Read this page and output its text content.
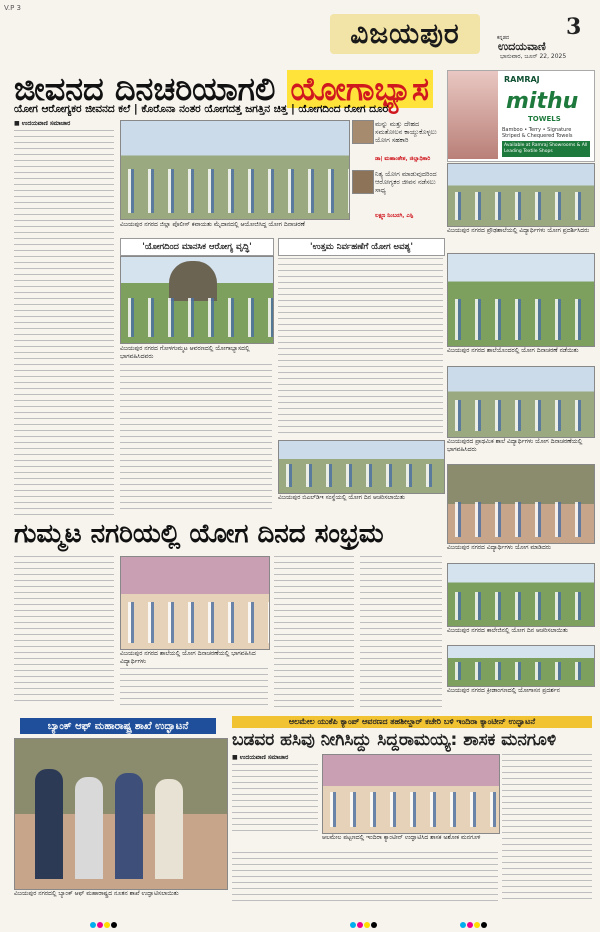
V.P 3
ವಿಜಯಪುರ	3
ಕನ್ನಡದ
ಉದಯವಾಣಿ
ಭಾನುವಾರ, ಜೂನ್ 22, 2025
ಜೀವನದ ದಿನಚರಿಯಾಗಲಿ ಯೋಗಾಭ್ಯಾಸ
ಯೋಗ ಆರೋಗ್ಯಕರ ಜೀವನದ ಕಲೆ | ಕೊರೊನಾ ನಂತರ ಯೋಗದತ್ತ ಜಗತ್ತಿನ ಚಿತ್ತ | ಯೋಗದಿಂದ ರೋಗ ದೂರ
RAMRAJ
mithu
TOWELS
Bamboo • Terry • Signature Striped & Chequered Towels
Available at Ramraj Showrooms & All Leading Textile Shops
■ ಉದಯವಾಣಿ ಸಮಾಚಾರ
ವಿಜಯಪುರ ನಗರದ ಜಿಲ್ಲಾ ಪೊಲೀಸ್ ಕವಾಯತು ಮೈದಾನದಲ್ಲಿ ಆಯೋಜಿಸಿದ್ದ ಯೋಗ ದಿನಾಚರಣೆ
ಮನ್ನು ಮತ್ತು ದೇಹದ ಸಮತೋಲನ ಕಾಯ್ದುಕೊಳ್ಳಲು ಯೋಗ ಸಹಕಾರಿ
ಡಾ| ಮಹಾಂತೇಶ, ಜಿಲ್ಲಾಧಿಕಾರಿ
ನಿತ್ಯ ಯೋಗ ಮಾಡುವುದರಿಂದ ಆರೋಗ್ಯಕರ ಜೀವನ ನಡೆಸಲು ಸಾಧ್ಯ
ಲಕ್ಷ್ಮಣ ನಿಂಬರಗಿ, ಎಸ್ಪಿ
'ಯೋಗದಿಂದ ಮಾನಸಿಕ ಆರೋಗ್ಯ ವೃದ್ಧಿ'
ವಿಜಯಪುರ ನಗರದ ಗೋಳಗುಮ್ಮಟ ಆವರಣದಲ್ಲಿ ಯೋಗಾಭ್ಯಾಸದಲ್ಲಿ ಭಾಗವಹಿಸಿದವರು
'ಉತ್ತಮ ನಿರ್ವಹಣೆಗೆ ಯೋಗ ಅವಶ್ಯ'
ವಿಜಯಪುರ ಬಿಎಲ್‌ಡಿಇ ಸಂಸ್ಥೆಯಲ್ಲಿ ಯೋಗ ದಿನ ಆಚರಿಸಲಾಯಿತು
ವಿಜಯಪುರ ನಗರದ ಪ್ರೌಢಶಾಲೆಯಲ್ಲಿ ವಿದ್ಯಾರ್ಥಿಗಳು ಯೋಗ ಪ್ರದರ್ಶಿಸಿದರು
ವಿಜಯಪುರ ನಗರದ ಶಾಲೆಯೊಂದರಲ್ಲಿ ಯೋಗ ದಿನಾಚರಣೆ ನಡೆಯಿತು
ವಿಜಯಪುರದ ಪ್ರಾಥಮಿಕ ಶಾಲೆ ವಿದ್ಯಾರ್ಥಿಗಳು ಯೋಗ ದಿನಾಚರಣೆಯಲ್ಲಿ ಭಾಗವಹಿಸಿದರು
ವಿಜಯಪುರ ನಗರದ ವಿದ್ಯಾರ್ಥಿಗಳು ಯೋಗ ಮಾಡಿದರು
ವಿಜಯಪುರ ನಗರದ ಕಾಲೇಜಿನಲ್ಲಿ ಯೋಗ ದಿನ ಆಚರಿಸಲಾಯಿತು
ವಿಜಯಪುರ ನಗರದ ಕ್ರೀಡಾಂಗಣದಲ್ಲಿ ಯೋಗಾಸನ ಪ್ರದರ್ಶನ
ಗುಮ್ಮಟ ನಗರಿಯಲ್ಲಿ ಯೋಗ ದಿನದ ಸಂಭ್ರಮ
ವಿಜಯಪುರ ನಗರದ ಶಾಲೆಯಲ್ಲಿ ಯೋಗ ದಿನಾಚರಣೆಯಲ್ಲಿ ಭಾಗವಹಿಸಿದ ವಿದ್ಯಾರ್ಥಿಗಳು
ಬ್ಯಾಂಕ್ ಆಫ್ ಮಹಾರಾಷ್ಟ್ರ ಶಾಖೆ ಉದ್ಘಾಟನೆ
ವಿಜಯಪುರ ನಗರದಲ್ಲಿ ಬ್ಯಾಂಕ್ ಆಫ್ ಮಹಾರಾಷ್ಟ್ರದ ನೂತನ ಶಾಖೆ ಉದ್ಘಾಟಿಸಲಾಯಿತು
ಆಲಮೇಲ ಯುಕೆಪಿ ಕ್ಯಾಂಪ್ ಆವರಣದ ತಹಶೀಲ್ದಾರ್ ಕಚೇರಿ ಬಳಿ ಇಂದಿರಾ ಕ್ಯಾಂಟೀನ್ ಉದ್ಘಾಟನೆ
ಬಡವರ ಹಸಿವು ನೀಗಿಸಿದ್ದು ಸಿದ್ದರಾಮಯ್ಯ: ಶಾಸಕ ಮನಗೂಳಿ
■ ಉದಯವಾಣಿ ಸಮಾಚಾರ
ಆಲಮೇಲ ಪಟ್ಟಣದಲ್ಲಿ ಇಂದಿರಾ ಕ್ಯಾಂಟೀನ್ ಉದ್ಘಾಟಿಸಿದ ಶಾಸಕ ಅಶೋಕ ಮನಗೂಳಿ
